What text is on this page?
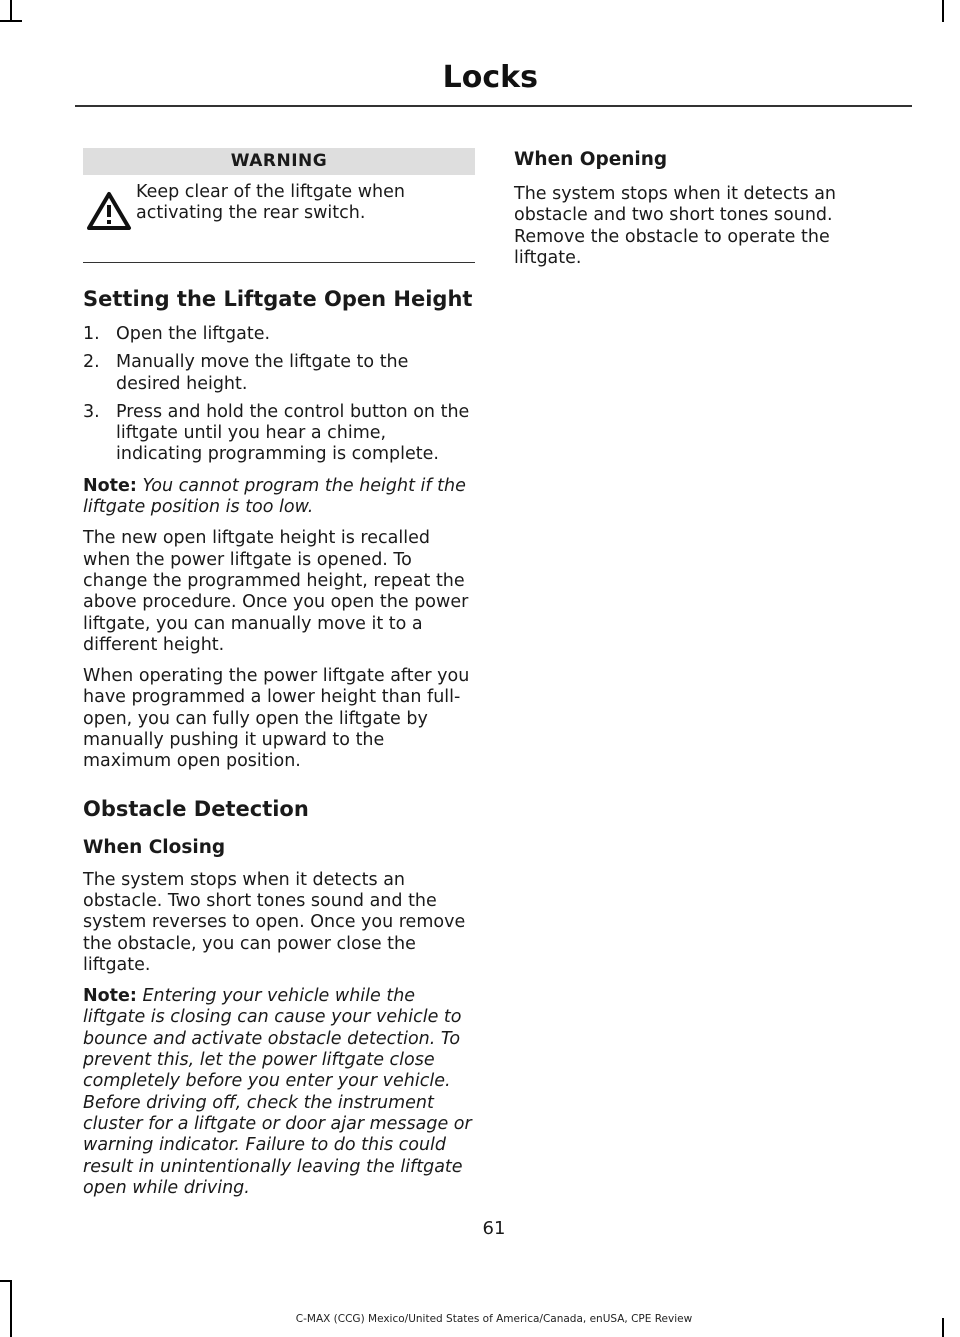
Locks
WARNING
Keep clear of the liftgate when activating the rear switch.
Setting the Liftgate Open Height
1. Open the liftgate.
2. Manually move the liftgate to the desired height.
3. Press and hold the control button on the liftgate until you hear a chime, indicating programming is complete.

Note: You cannot program the height if the liftgate position is too low.

The new open liftgate height is recalled when the power liftgate is opened. To change the programmed height, repeat the above procedure. Once you open the power liftgate, you can manually move it to a different height.

When operating the power liftgate after you have programmed a lower height than full-open, you can fully open the liftgate by manually pushing it upward to the maximum open position.

Obstacle Detection
When Closing

The system stops when it detects an obstacle. Two short tones sound and the system reverses to open. Once you remove the obstacle, you can power close the liftgate.

Note: Entering your vehicle while the liftgate is closing can cause your vehicle to bounce and activate obstacle detection. To prevent this, let the power liftgate close completely before you enter your vehicle. Before driving off, check the instrument cluster for a liftgate or door ajar message or warning indicator. Failure to do this could result in unintentionally leaving the liftgate open while driving.

When Opening

The system stops when it detects an obstacle and two short tones sound. Remove the obstacle to operate the liftgate.

61
C-MAX (CCG) Mexico/United States of America/Canada, enUSA, CPE Review
